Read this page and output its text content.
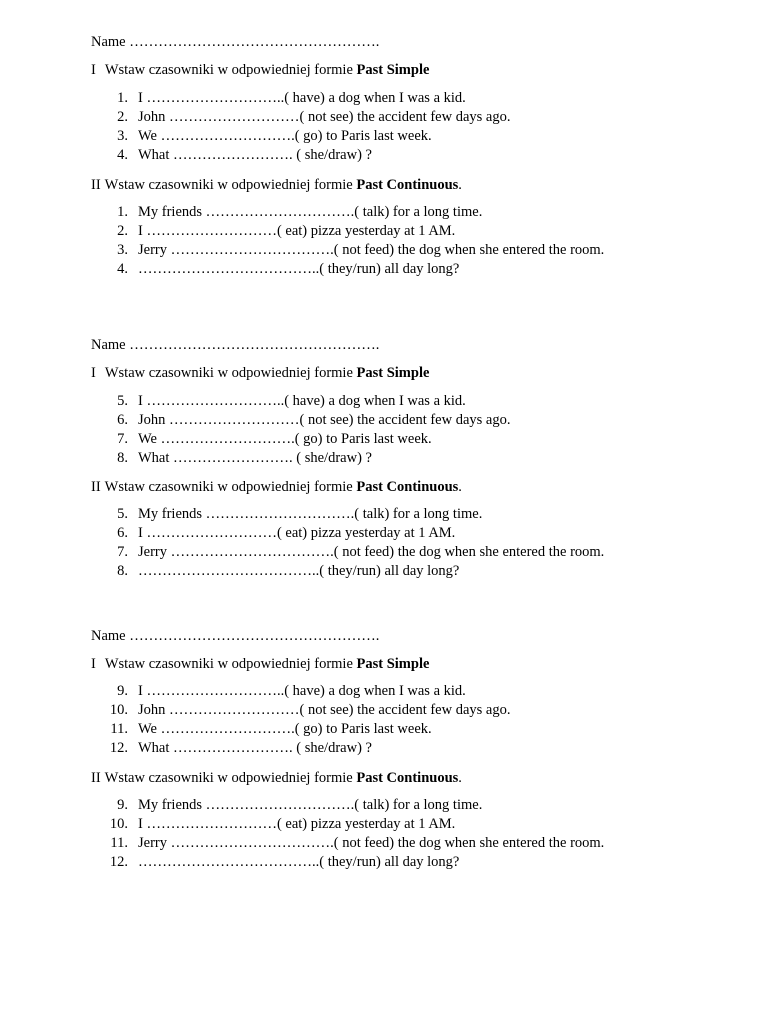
Name …………………………………………….
I Wstaw czasowniki w odpowiedniej formie Past Simple
1. I ………………………..( have) a dog when I was a kid.
2. John ………………………( not see) the accident few days ago.
3. We ……………………….( go) to Paris last week.
4. What ……………………. ( she/draw) ?
II Wstaw czasowniki w odpowiedniej formie Past Continuous.
1. My friends ………………………….( talk) for a long time.
2. I ………………………( eat) pizza yesterday at 1 AM.
3. Jerry …………………………….( not feed) the dog when she entered the room.
4. ………………………………..( they/run) all day long?
Name …………………………………………….
I Wstaw czasowniki w odpowiedniej formie Past Simple
5. I ………………………..( have) a dog when I was a kid.
6. John ………………………( not see) the accident few days ago.
7. We ……………………….( go) to Paris last week.
8. What ……………………. ( she/draw) ?
II Wstaw czasowniki w odpowiedniej formie Past Continuous.
5. My friends ………………………….( talk) for a long time.
6. I ………………………( eat) pizza yesterday at 1 AM.
7. Jerry …………………………….( not feed) the dog when she entered the room.
8. ………………………………..( they/run) all day long?
Name …………………………………………….
I Wstaw czasowniki w odpowiedniej formie Past Simple
9. I ………………………..( have) a dog when I was a kid.
10. John ………………………( not see) the accident few days ago.
11. We ……………………….( go) to Paris last week.
12. What ……………………. ( she/draw) ?
II Wstaw czasowniki w odpowiedniej formie Past Continuous.
9. My friends ………………………….( talk) for a long time.
10. I ………………………( eat) pizza yesterday at 1 AM.
11. Jerry …………………………….( not feed) the dog when she entered the room.
12. ………………………………..( they/run) all day long?
